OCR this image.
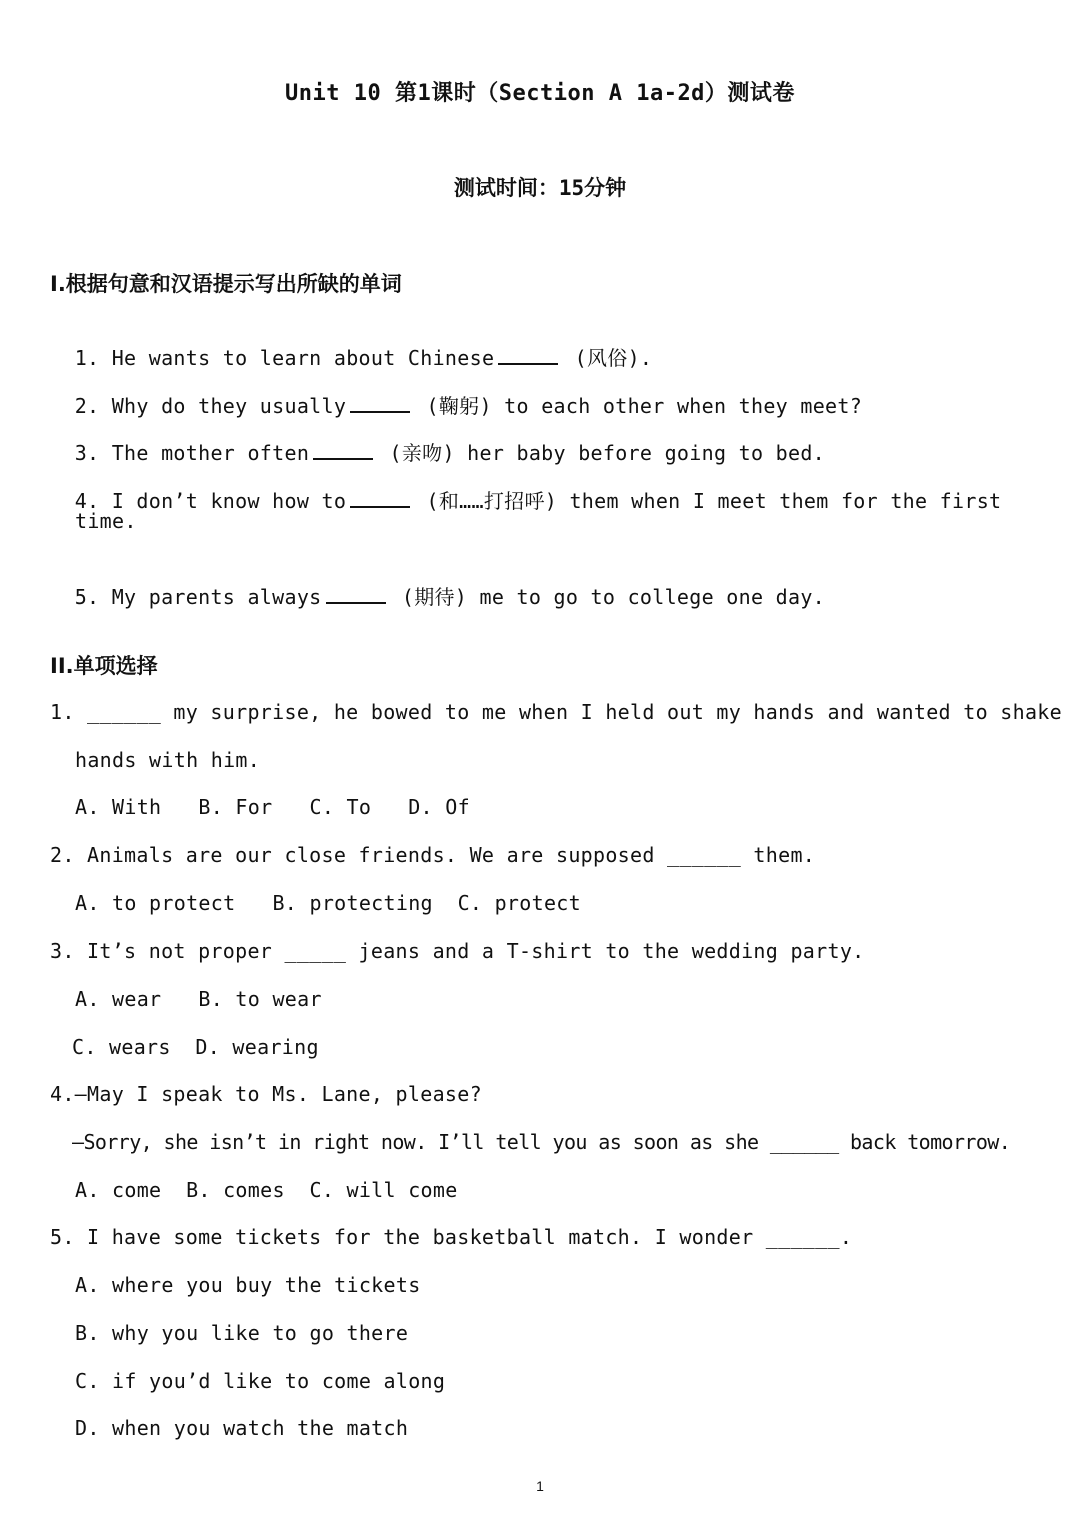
Unit 10 第1课时（Section A 1a-2d）测试卷
测试时间：15分钟
I.根据句意和汉语提示写出所缺的单词

1. He wants to learn about Chinese	(风俗).

2. Why do they usually	(鞠躬) to each other when they meet?

3. The mother often	(亲吻) her baby before going to bed.

4. I don’t know how to	(和……打招呼) them when I meet them for the first

time.

5. My parents always	(期待) me to go to college one day.

II.单项选择
1. ______ my surprise, he bowed to me when I held out my hands and wanted to shake
hands with him.
A. With   B. For   C. To   D. Of
2. Animals are our close friends. We are supposed ______ them.
A. to protect   B. protecting  C. protect
3. It’s not proper _____ jeans and a T-shirt to the wedding party.
A. wear   B. to wear
C. wears  D. wearing
4.—May I speak to Ms. Lane, please?
—Sorry, she isn’t in right now. I’ll tell you as soon as she ______ back tomorrow.
A. come  B. comes  C. will come
5. I have some tickets for the basketball match. I wonder ______.
A. where you buy the tickets
B. why you like to go there
C. if you’d like to come along
D. when you watch the match
1
